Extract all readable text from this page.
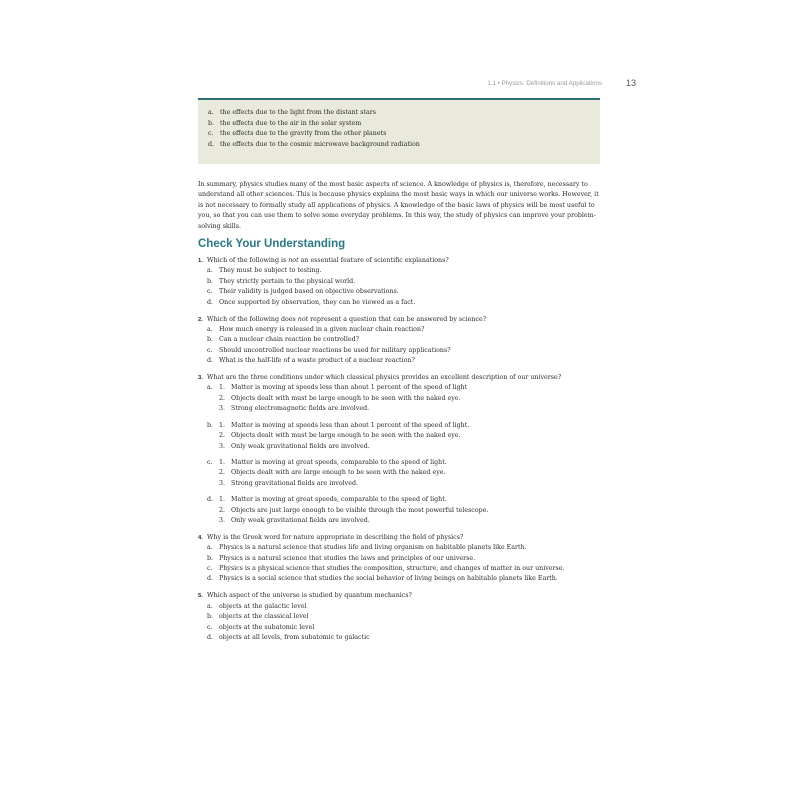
1.1 • Physics: Definitions and Applications	13
a. the effects due to the light from the distant stars
b. the effects due to the air in the solar system
c.	the effects due to the gravity from the other planets
d. the effects due to the cosmic microwave background radiation

In summary, physics studies many of the most basic aspects of science. A knowledge of physics is, therefore, necessary to understand all other sciences. This is because physics explains the most basic ways in which our universe works. However, it is not necessary to formally study all applications of physics. A knowledge of the basic laws of physics will be most useful to you, so that you can use them to solve some everyday problems. In this way, the study of physics can improve your problem-solving skills.

Check Your Understanding
1. Which of the following is not an essential feature of scientific explanations?
a. They must be subject to testing.
b. They strictly pertain to the physical world.
c.	Their validity is judged based on objective observations.
d. Once supported by observation, they can be viewed as a fact.
2. Which of the following does not represent a question that can be answered by science?
a. How much energy is released in a given nuclear chain reaction?
b. Can a nuclear chain reaction be controlled?
c.	Should uncontrolled nuclear reactions be used for military applications?
d. What is the half-life of a waste product of a nuclear reaction?
3. What are the three conditions under which classical physics provides an excellent description of our universe?
a. 1. Matter is moving at speeds less than about 1 percent of the speed of light
2. Objects dealt with must be large enough to be seen with the naked eye.
3. Strong electromagnetic fields are involved.
b. 1. Matter is moving at speeds less than about 1 percent of the speed of light.
2. Objects dealt with must be large enough to be seen with the naked eye.
3. Only weak gravitational fields are involved.
c.	1. Matter is moving at great speeds, comparable to the speed of light.
2. Objects dealt with are large enough to be seen with the naked eye.
3. Strong gravitational fields are involved.
d. 1. Matter is moving at great speeds, comparable to the speed of light.
2. Objects are just large enough to be visible through the most powerful telescope.
3. Only weak gravitational fields are involved.
4. Why is the Greek word for nature appropriate in describing the field of physics?
a. Physics is a natural science that studies life and living organism on habitable planets like Earth.
b. Physics is a natural science that studies the laws and principles of our universe.
c.	Physics is a physical science that studies the composition, structure, and changes of matter in our universe.
d. Physics is a social science that studies the social behavior of living beings on habitable planets like Earth.
5. Which aspect of the universe is studied by quantum mechanics?
a. objects at the galactic level
b. objects at the classical level
c.	objects at the subatomic level
d. objects at all levels, from subatomic to galactic
